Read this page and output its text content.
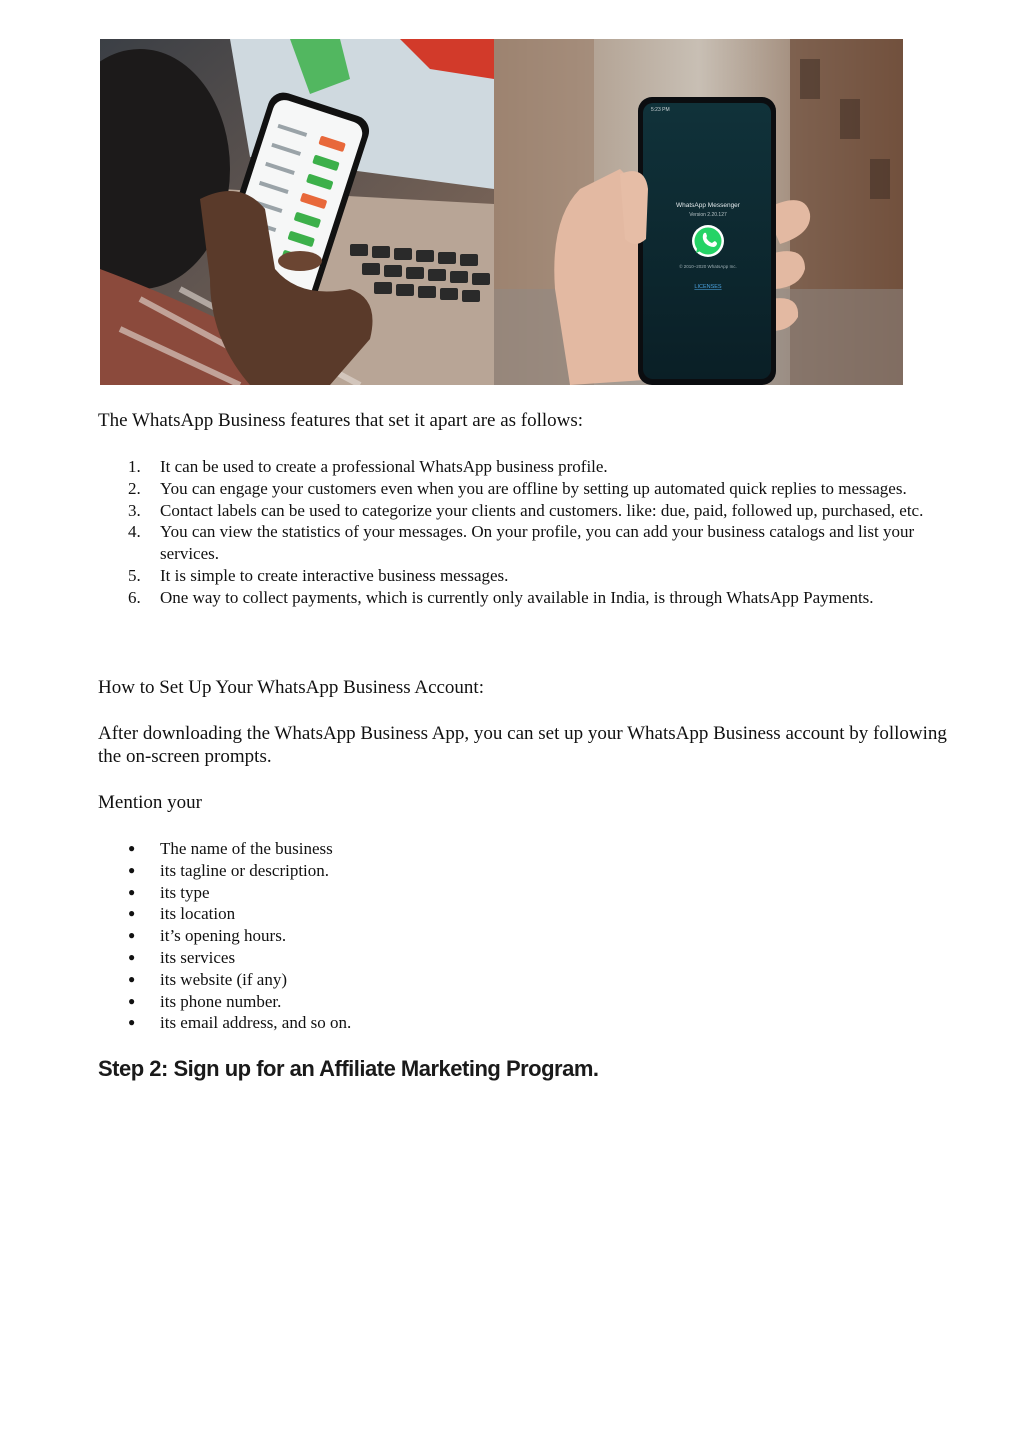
5:23 PM
WhatsApp Messenger
Version 2.20.127
© 2010–2020 WhatsApp Inc.
LICENSES

The WhatsApp Business features that set it apart are as follows:

1.	It can be used to create a professional WhatsApp business profile.
2.	You can engage your customers even when you are offline by setting up automated quick replies to messages.
3.	Contact labels can be used to categorize your clients and customers. like: due, paid, followed up, purchased, etc.
4.	You can view the statistics of your messages. On your profile, you can add your business catalogs and list your services.
5.	It is simple to create interactive business messages.
6.	One way to collect payments, which is currently only available in India, is through WhatsApp Payments.

How to Set Up Your WhatsApp Business Account:

After downloading the WhatsApp Business App, you can set up your WhatsApp Business account by following the on-screen prompts.

Mention your

● The name of the business
● its tagline or description.
● its type
● its location
● it’s opening hours.
● its services
● its website (if any)
● its phone number.
● its email address, and so on.
Step 2: Sign up for an Affiliate Marketing Program.
